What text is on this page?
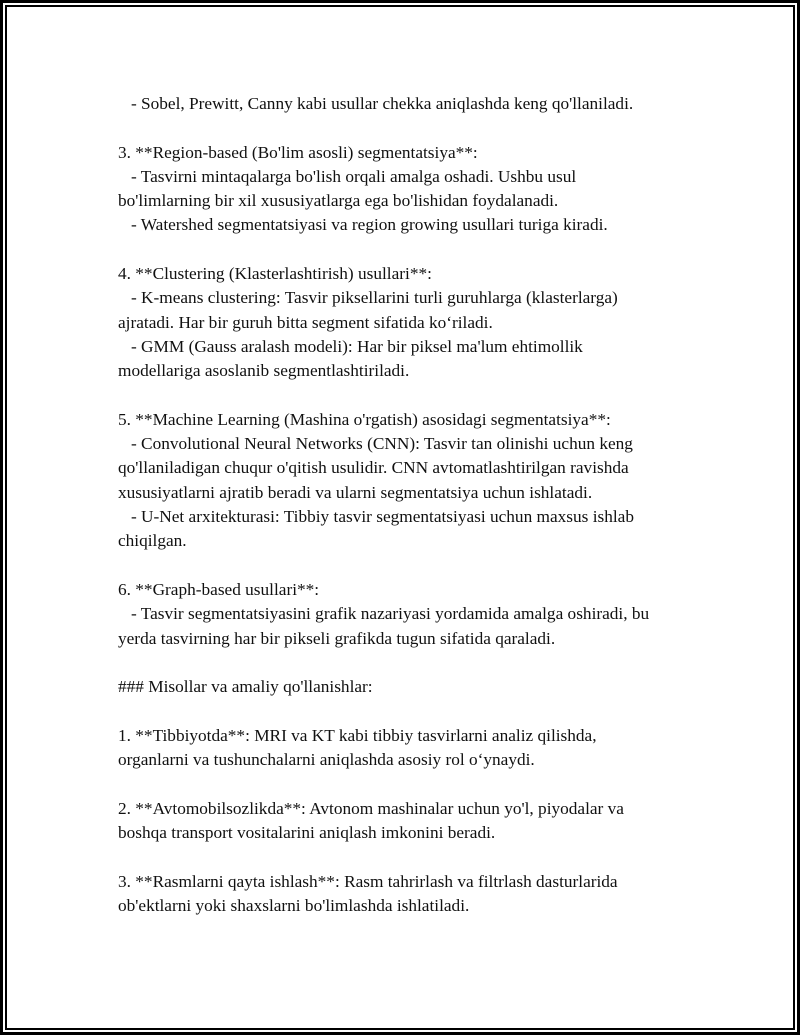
- Sobel, Prewitt, Canny kabi usullar chekka aniqlashda keng qo'llaniladi.
3. **Region-based (Bo'lim asosli) segmentatsiya**:
- Tasvirni mintaqalarga bo'lish orqali amalga oshadi. Ushbu usul
bo'limlarning bir xil xususiyatlarga ega bo'lishidan foydalanadi.
- Watershed segmentatsiyasi va region growing usullari turiga kiradi.
4. **Clustering (Klasterlashtirish) usullari**:
- K-means clustering: Tasvir piksellarini turli guruhlarga (klasterlarga)
ajratadi. Har bir guruh bitta segment sifatida ko‘riladi.
- GMM (Gauss aralash modeli): Har bir piksel ma'lum ehtimollik
modellariga asoslanib segmentlashtiriladi.
5. **Machine Learning (Mashina o'rgatish) asosidagi segmentatsiya**:
- Convolutional Neural Networks (CNN): Tasvir tan olinishi uchun keng
qo'llaniladigan chuqur o'qitish usulidir. CNN avtomatlashtirilgan ravishda
xususiyatlarni ajratib beradi va ularni segmentatsiya uchun ishlatadi.
- U-Net arxitekturasi: Tibbiy tasvir segmentatsiyasi uchun maxsus ishlab
chiqilgan.
6. **Graph-based usullari**:
- Tasvir segmentatsiyasini grafik nazariyasi yordamida amalga oshiradi, bu
yerda tasvirning har bir pikseli grafikda tugun sifatida qaraladi.
### Misollar va amaliy qo'llanishlar:
1. **Tibbiyotda**: MRI va KT kabi tibbiy tasvirlarni analiz qilishda,
organlarni va tushunchalarni aniqlashda asosiy rol o‘ynaydi.
2. **Avtomobilsozlikda**: Avtonom mashinalar uchun yo'l, piyodalar va
boshqa transport vositalarini aniqlash imkonini beradi.
3. **Rasmlarni qayta ishlash**: Rasm tahrirlash va filtrlash dasturlarida
ob'ektlarni yoki shaxslarni bo'limlashda ishlatiladi.
